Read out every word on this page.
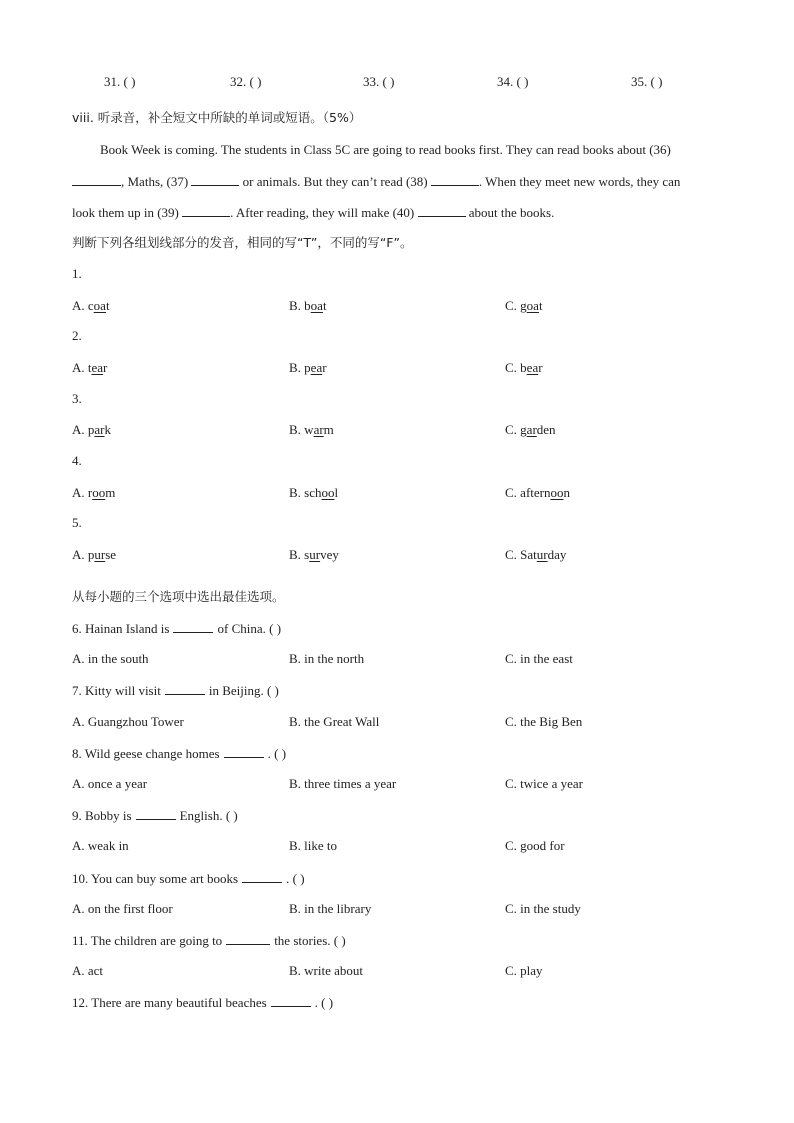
31. ( )	32. ( )	33. ( )	34. ( )	35. ( )
viii. 听录音，补全短文中所缺的单词或短语。（5%）
Book Week is coming. The students in Class 5C are going to read books first. They can read books about (36)
, Maths, (37)	or animals. But they can’t read (38)	. When they meet new words, they can
look them up in (39)	. After reading, they will make (40)	about the books.
判断下列各组划线部分的发音，相同的写“T”，不同的写“F”。
1.
A. coat	B. boat	C. goat
2.
A. tear	B. pear	C. bear
3.
A. park	B. warm	C. garden
4.
A. room	B. school	C. afternoon
5.
A. purse	B. survey	C. Saturday
从每小题的三个选项中选出最佳选项。
6. Hainan Island is	of China. ( )
A. in the south	B. in the north	C. in the east
7. Kitty will visit	in Beijing. ( )
A. Guangzhou Tower	B. the Great Wall	C. the Big Ben
8. Wild geese change homes	. ( )
A. once a year	B. three times a year	C. twice a year
9. Bobby is	English. ( )
A. weak in	B. like to	C. good for
10. You can buy some art books	. ( )
A. on the first floor	B. in the library	C. in the study
11. The children are going to	the stories. ( )
A. act	B. write about	C. play
12. There are many beautiful beaches	. ( )
